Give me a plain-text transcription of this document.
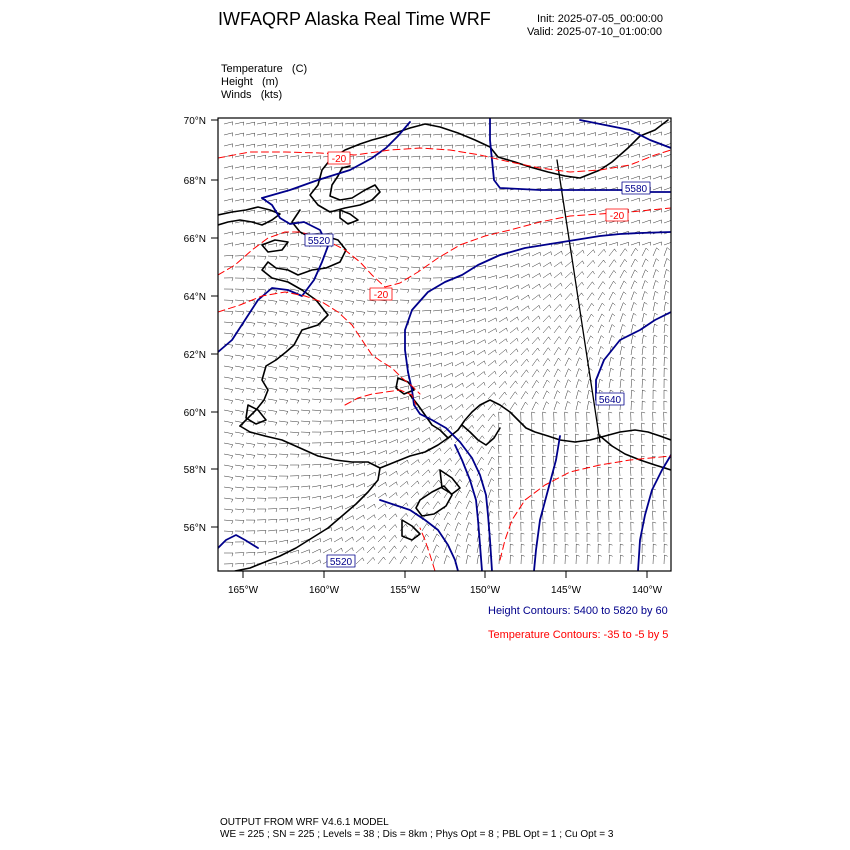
IWFAQRP Alaska Real Time WRF	Init: 2025-07-05_00:00:00
Valid: 2025-07-10_01:00:00
Temperature   (C)
Height   (m)
Winds   (kts)
5580
5520
5640
5520
-20
-20
-20
70°N
68°N
66°N
64°N
62°N
60°N
58°N
56°N
165°W	160°W	155°W	150°W	145°W	140°W
Height Contours: 5400 to 5820 by 60
Temperature Contours: -35 to -5 by 5
OUTPUT FROM WRF V4.6.1 MODEL
WE = 225 ; SN = 225 ; Levels = 38 ; Dis = 8km ; Phys Opt = 8 ; PBL Opt = 1 ; Cu Opt = 3
